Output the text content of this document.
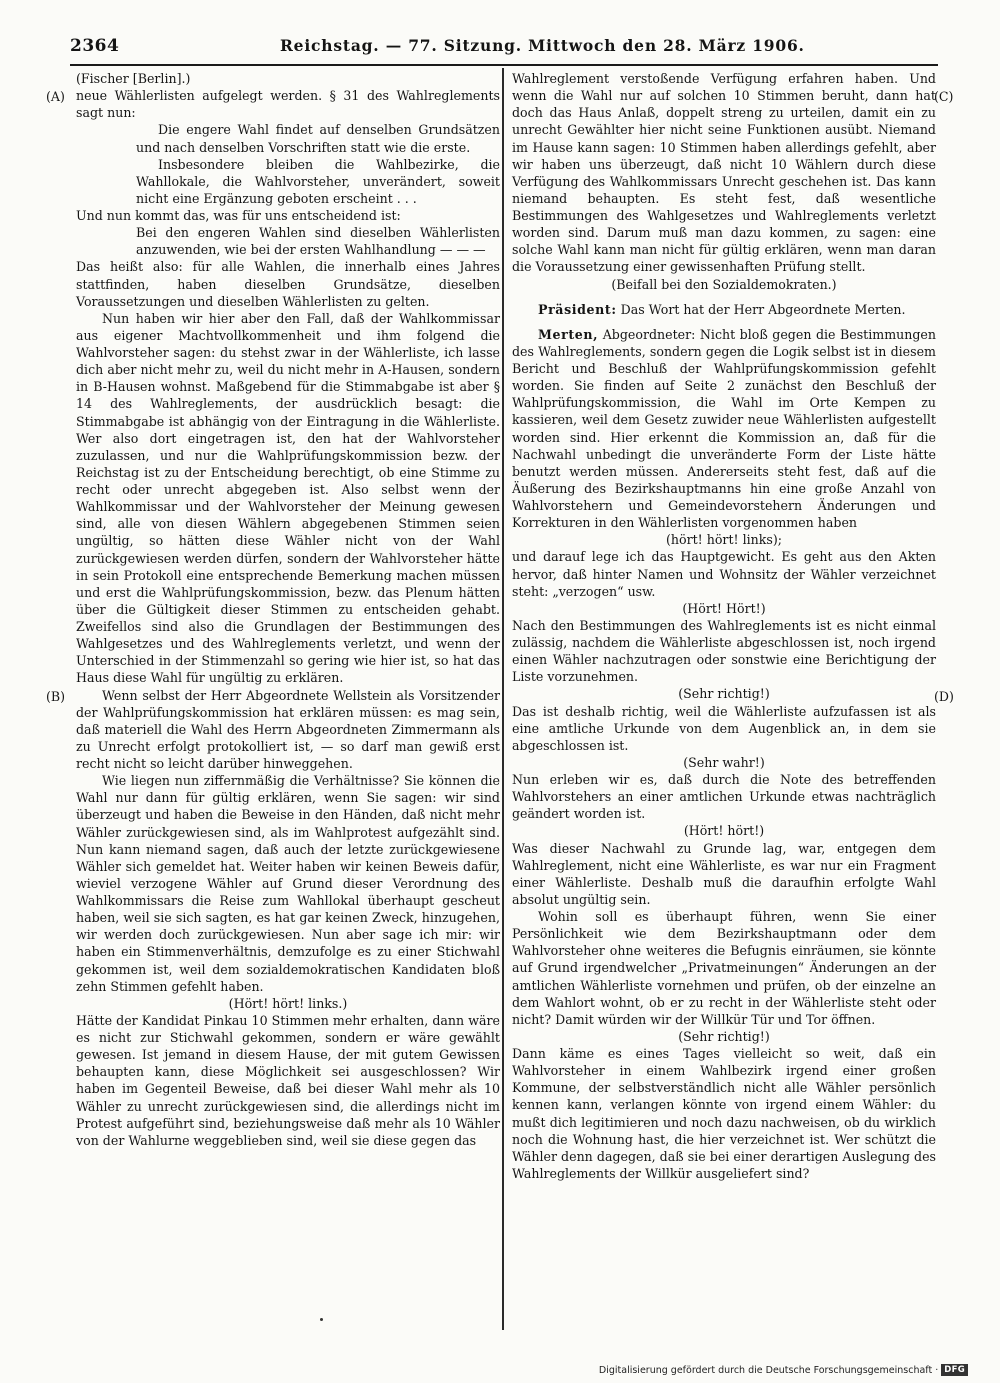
2364	Reichstag. — 77. Sitzung. Mittwoch den 28. März 1906.
(A)
(B)
(C)
(D)

(Fischer [Berlin].)

neue Wählerlisten aufgelegt werden. § 31 des Wahlreglements sagt nun:

Die engere Wahl findet auf denselben Grundsätzen und nach denselben Vorschriften statt wie die erste.

Insbesondere bleiben die Wahlbezirke, die Wahllokale, die Wahlvorsteher, unverändert, soweit nicht eine Ergänzung geboten erscheint . . .

Und nun kommt das, was für uns entscheidend ist:

Bei den engeren Wahlen sind dieselben Wählerlisten anzuwenden, wie bei der ersten Wahlhandlung — — —

Das heißt also: für alle Wahlen, die innerhalb eines Jahres stattfinden, haben dieselben Grundsätze, dieselben Voraussetzungen und dieselben Wählerlisten zu gelten.

Nun haben wir hier aber den Fall, daß der Wahlkommissar aus eigener Machtvollkommenheit und ihm folgend die Wahlvorsteher sagen: du stehst zwar in der Wählerliste, ich lasse dich aber nicht mehr zu, weil du nicht mehr in A-Hausen, sondern in B-Hausen wohnst. Maßgebend für die Stimmabgabe ist aber § 14 des Wahlreglements, der ausdrücklich besagt: die Stimmabgabe ist abhängig von der Eintragung in die Wählerliste. Wer also dort eingetragen ist, den hat der Wahlvorsteher zuzulassen, und nur die Wahlprüfungskommission bezw. der Reichstag ist zu der Entscheidung berechtigt, ob eine Stimme zu recht oder unrecht abgegeben ist. Also selbst wenn der Wahlkommissar und der Wahlvorsteher der Meinung gewesen sind, alle von diesen Wählern abgegebenen Stimmen seien ungültig, so hätten diese Wähler nicht von der Wahl zurückgewiesen werden dürfen, sondern der Wahlvorsteher hätte in sein Protokoll eine entsprechende Bemerkung machen müssen und erst die Wahlprüfungskommission, bezw. das Plenum hätten über die Gültigkeit dieser Stimmen zu entscheiden gehabt. Zweifellos sind also die Grundlagen der Bestimmungen des Wahlgesetzes und des Wahlreglements verletzt, und wenn der Unterschied in der Stimmenzahl so gering wie hier ist, so hat das Haus diese Wahl für ungültig zu erklären.

Wenn selbst der Herr Abgeordnete Wellstein als Vorsitzender der Wahlprüfungskommission hat erklären müssen: es mag sein, daß materiell die Wahl des Herrn Abgeordneten Zimmermann als zu Unrecht erfolgt protokolliert ist, — so darf man gewiß erst recht nicht so leicht darüber hinweggehen.

Wie liegen nun ziffernmäßig die Verhältnisse? Sie können die Wahl nur dann für gültig erklären, wenn Sie sagen: wir sind überzeugt und haben die Beweise in den Händen, daß nicht mehr Wähler zurückgewiesen sind, als im Wahlprotest aufgezählt sind. Nun kann niemand sagen, daß auch der letzte zurückgewiesene Wähler sich gemeldet hat. Weiter haben wir keinen Beweis dafür, wieviel verzogene Wähler auf Grund dieser Verordnung des Wahlkommissars die Reise zum Wahllokal überhaupt gescheut haben, weil sie sich sagten, es hat gar keinen Zweck, hinzugehen, wir werden doch zurückgewiesen. Nun aber sage ich mir: wir haben ein Stimmenverhältnis, demzufolge es zu einer Stichwahl gekommen ist, weil dem sozialdemokratischen Kandidaten bloß zehn Stimmen gefehlt haben.

(Hört! hört! links.)

Hätte der Kandidat Pinkau 10 Stimmen mehr erhalten, dann wäre es nicht zur Stichwahl gekommen, sondern er wäre gewählt gewesen. Ist jemand in diesem Hause, der mit gutem Gewissen behaupten kann, diese Möglichkeit sei ausgeschlossen? Wir haben im Gegenteil Beweise, daß bei dieser Wahl mehr als 10 Wähler zu unrecht zurückgewiesen sind, die allerdings nicht im Protest aufgeführt sind, beziehungsweise daß mehr als 10 Wähler von der Wahlurne weggeblieben sind, weil sie diese gegen das

Wahlreglement verstoßende Verfügung erfahren haben. Und wenn die Wahl nur auf solchen 10 Stimmen beruht, dann hat doch das Haus Anlaß, doppelt streng zu urteilen, damit ein zu unrecht Gewählter hier nicht seine Funktionen ausübt. Niemand im Hause kann sagen: 10 Stimmen haben allerdings gefehlt, aber wir haben uns überzeugt, daß nicht 10 Wählern durch diese Verfügung des Wahlkommissars Unrecht geschehen ist. Das kann niemand behaupten. Es steht fest, daß wesentliche Bestimmungen des Wahlgesetzes und Wahlreglements verletzt worden sind. Darum muß man dazu kommen, zu sagen: eine solche Wahl kann man nicht für gültig erklären, wenn man daran die Voraussetzung einer gewissenhaften Prüfung stellt.

(Beifall bei den Sozialdemokraten.)

Präsident: Das Wort hat der Herr Abgeordnete Merten.

Merten, Abgeordneter: Nicht bloß gegen die Bestimmungen des Wahlreglements, sondern gegen die Logik selbst ist in diesem Bericht und Beschluß der Wahlprüfungskommission gefehlt worden. Sie finden auf Seite 2 zunächst den Beschluß der Wahlprüfungskommission, die Wahl im Orte Kempen zu kassieren, weil dem Gesetz zuwider neue Wählerlisten aufgestellt worden sind. Hier erkennt die Kommission an, daß für die Nachwahl unbedingt die unveränderte Form der Liste hätte benutzt werden müssen. Andererseits steht fest, daß auf die Äußerung des Bezirkshauptmanns hin eine große Anzahl von Wahlvorstehern und Gemeindevorstehern Änderungen und Korrekturen in den Wählerlisten vorgenommen haben

(hört! hört! links);

und darauf lege ich das Hauptgewicht. Es geht aus den Akten hervor, daß hinter Namen und Wohnsitz der Wähler verzeichnet steht: „verzogen“ usw.

(Hört! Hört!)

Nach den Bestimmungen des Wahlreglements ist es nicht einmal zulässig, nachdem die Wählerliste abgeschlossen ist, noch irgend einen Wähler nachzutragen oder sonstwie eine Berichtigung der Liste vorzunehmen.

(Sehr richtig!)

Das ist deshalb richtig, weil die Wählerliste aufzufassen ist als eine amtliche Urkunde von dem Augenblick an, in dem sie abgeschlossen ist.

(Sehr wahr!)

Nun erleben wir es, daß durch die Note des betreffenden Wahlvorstehers an einer amtlichen Urkunde etwas nachträglich geändert worden ist.

(Hört! hört!)

Was dieser Nachwahl zu Grunde lag, war, entgegen dem Wahlreglement, nicht eine Wählerliste, es war nur ein Fragment einer Wählerliste. Deshalb muß die daraufhin erfolgte Wahl absolut ungültig sein.

Wohin soll es überhaupt führen, wenn Sie einer Persönlichkeit wie dem Bezirkshauptmann oder dem Wahlvorsteher ohne weiteres die Befugnis einräumen, sie könnte auf Grund irgendwelcher „Privatmeinungen“ Änderungen an der amtlichen Wählerliste vornehmen und prüfen, ob der einzelne an dem Wahlort wohnt, ob er zu recht in der Wählerliste steht oder nicht? Damit würden wir der Willkür Tür und Tor öffnen.

(Sehr richtig!)

Dann käme es eines Tages vielleicht so weit, daß ein Wahlvorsteher in einem Wahlbezirk irgend einer großen Kommune, der selbstverständlich nicht alle Wähler persönlich kennen kann, verlangen könnte von irgend einem Wähler: du mußt dich legitimieren und noch dazu nachweisen, ob du wirklich noch die Wohnung hast, die hier verzeichnet ist. Wer schützt die Wähler denn dagegen, daß sie bei einer derartigen Auslegung des Wahlreglements der Willkür ausgeliefert sind?

Digitalisierung gefördert durch die Deutsche Forschungsgemeinschaft · DFG
